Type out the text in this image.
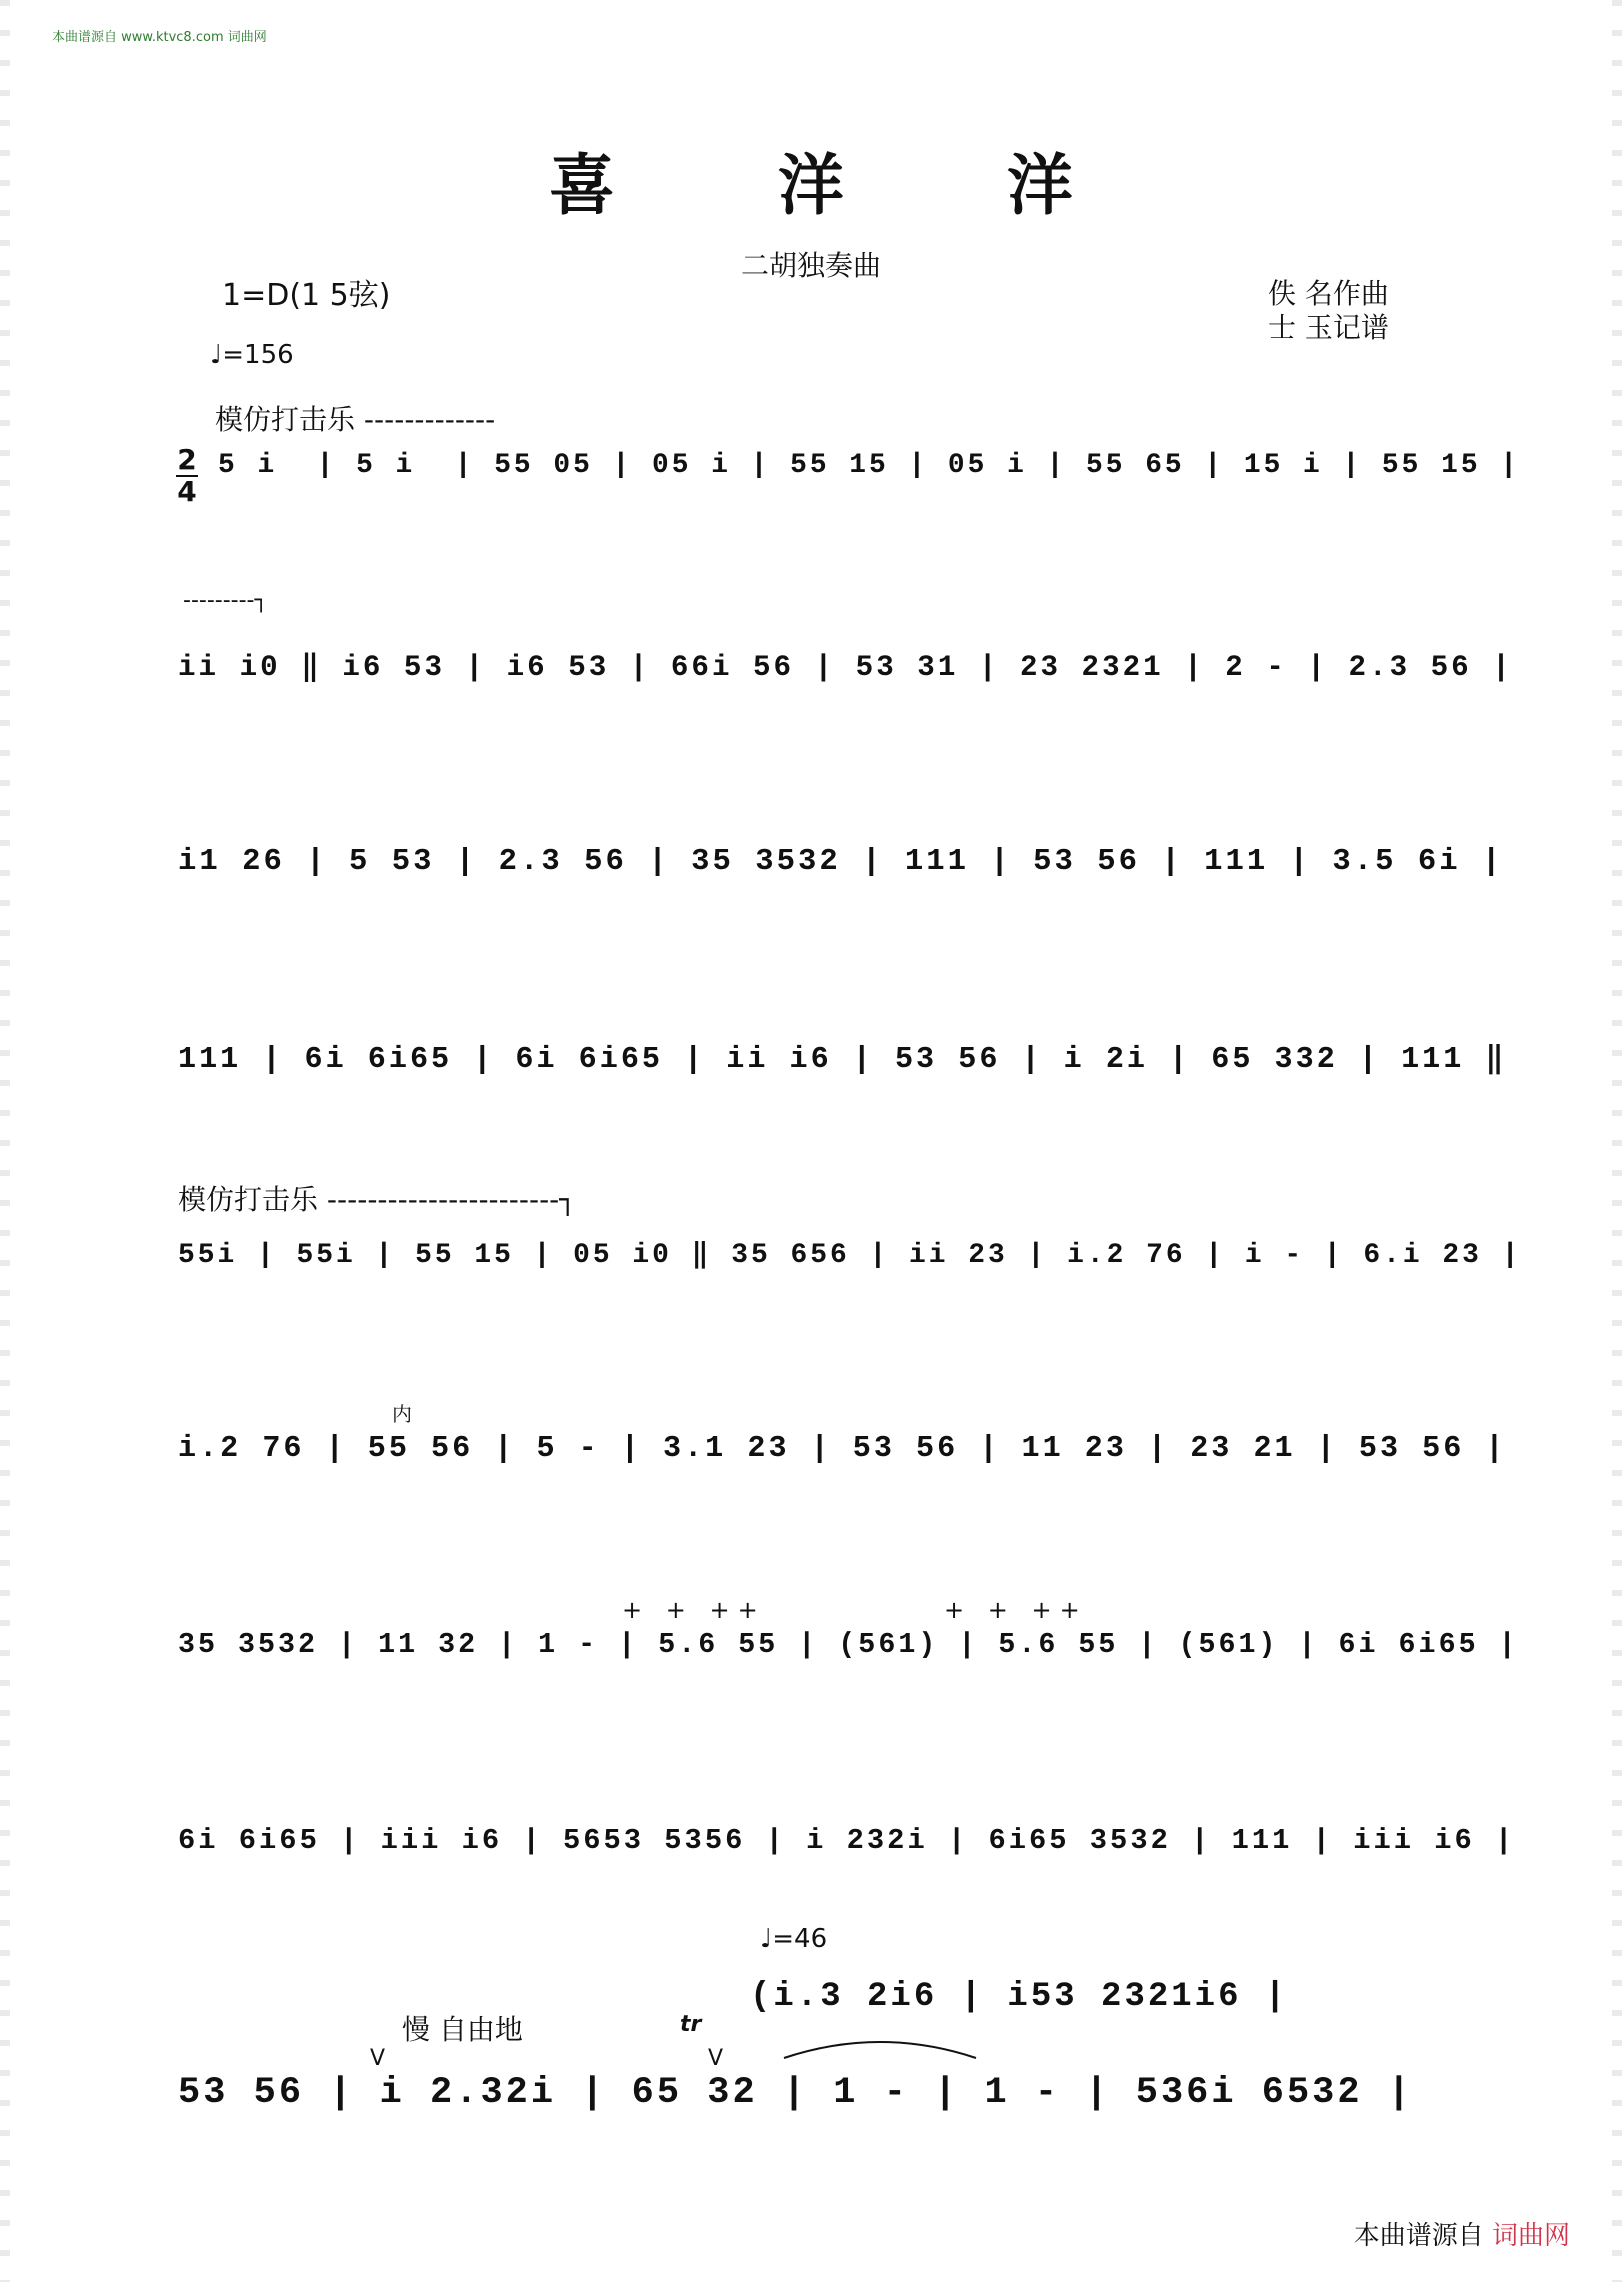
本曲谱源自 www.ktvc8.com 词曲网
喜 洋 洋
二胡独奏曲
1=D(1 5弦)	佚 名作曲
士 玉记谱
♩=156
模仿打击乐 -------------
---------┐
模仿打击乐 -----------------------┐
2
4
5 i  | 5 i  | 55 05 | 05 i | 55 15 | 05 i | 55 65 | 15 i | 55 15 |
ii i0 ‖ i6 53 | i6 53 | 66i 56 | 53 31 | 23 2321 | 2 - | 2.3 56 |
i1 26 | 5 53 | 2.3 56 | 35 3532 | 111 | 53 56 | 111 | 3.5 6i |
111 | 6i 6i65 | 6i 6i65 | ii i6 | 53 56 | i 2i | 65 332 | 111 ‖
55i | 55i | 55 15 | 05 i0 ‖ 35 656 | ii 23 | i.2 76 | i - | 6.i 23 |
内
i.2 76 | 55 56 | 5 - | 3.1 23 | 53 56 | 11 23 | 23 21 | 53 56 |
+ + ++	+ + ++
35 3532 | 11 32 | 1 - | 5.6 55 | (561) | 5.6 55 | (561) | 6i 6i65 |
6i 6i65 | iii i6 | 5653 5356 | i 232i | 6i65 3532 | 111 | iii i6 |
♩=46
慢 自由地	tr
V	V
(i.3 2i6 | i53 2321i6 |
53 56 | i 2.32i | 65 32 | 1 - | 1 - | 536i 6532 |
本曲谱源自 词曲网
